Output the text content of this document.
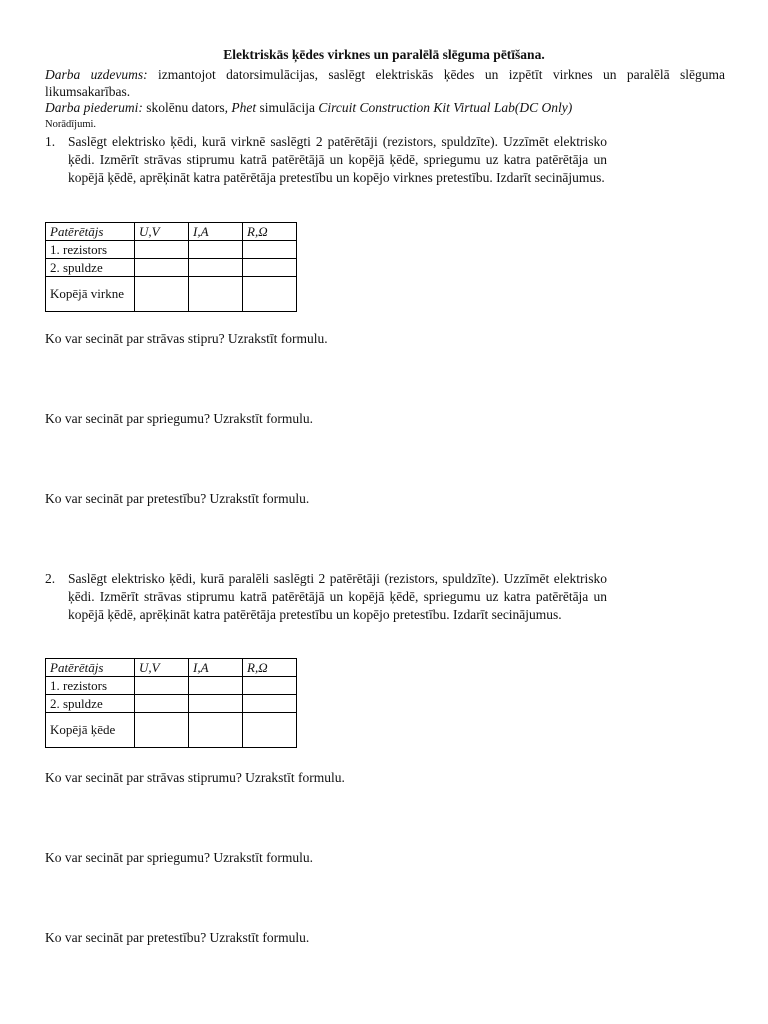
Elektriskās ķēdes virknes un paralēlā slēguma pētīšana.
Darba uzdevums: izmantojot datorsimulācijas, saslēgt elektriskās ķēdes un izpētīt virknes un paralēlā slēguma likumsakarības.
Darba piederumi: skolēnu dators, Phet simulācija Circuit Construction Kit Virtual Lab(DC Only)
Norādījumi.
1. Saslēgt elektrisko ķēdi, kurā virknē saslēgti 2 patērētāji (rezistors, spuldzīte). Uzzīmēt elektrisko ķēdi. Izmērīt strāvas stiprumu katrā patērētājā un kopējā ķēdē, spriegumu uz katra patērētāja un kopējā ķēdē, aprēķināt katra patērētāja pretestību un kopējo virknes pretestību. Izdarīt secinājumus.
Patērētājs	U,V	I,A	R,Ω
1. rezistors			
2. spuldze			
Kopējā virkne			
Ko var secināt par strāvas stipru? Uzrakstīt formulu.
Ko var secināt par spriegumu? Uzrakstīt formulu.
Ko var secināt par pretestību? Uzrakstīt formulu.
2. Saslēgt elektrisko ķēdi, kurā paralēli saslēgti 2 patērētāji (rezistors, spuldzīte). Uzzīmēt elektrisko ķēdi. Izmērīt strāvas stiprumu katrā patērētājā un kopējā ķēdē, spriegumu uz katra patērētāja un kopējā ķēdē, aprēķināt katra patērētāja pretestību un kopējo pretestību. Izdarīt secinājumus.
Patērētājs	U,V	I,A	R,Ω
1. rezistors			
2. spuldze			
Kopējā ķēde			
Ko var secināt par strāvas stiprumu? Uzrakstīt formulu.
Ko var secināt par spriegumu? Uzrakstīt formulu.
Ko var secināt par pretestību? Uzrakstīt formulu.
